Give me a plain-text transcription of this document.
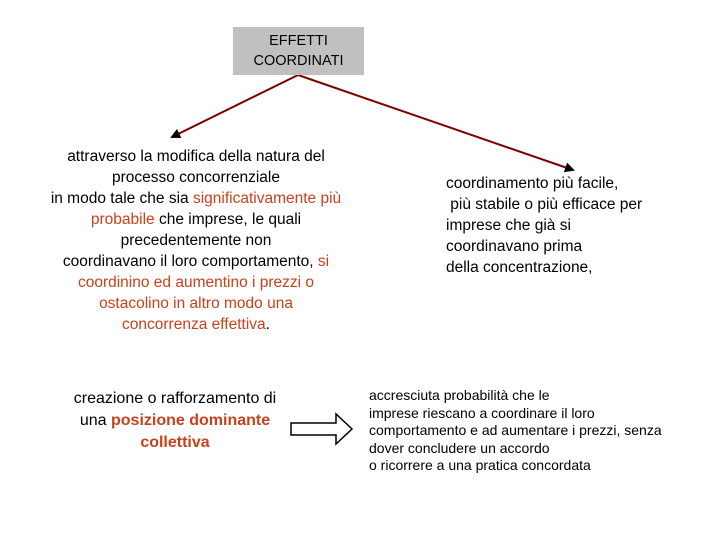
EFFETTI
COORDINATI
attraverso la modifica della natura del
processo concorrenziale
in modo tale che sia significativamente più
probabile che imprese, le quali
precedentemente non
coordinavano il loro comportamento, si
coordinino ed aumentino i prezzi o
ostacolino in altro modo una
concorrenza effettiva.
coordinamento più facile,
più stabile o più efficace per
imprese che già si
coordinavano prima
della concentrazione,
creazione o rafforzamento di
una posizione dominante
collettiva
accresciuta probabilità che le
imprese riescano a coordinare il loro
comportamento e ad aumentare i prezzi, senza
dover concludere un accordo
o ricorrere a una pratica concordata
